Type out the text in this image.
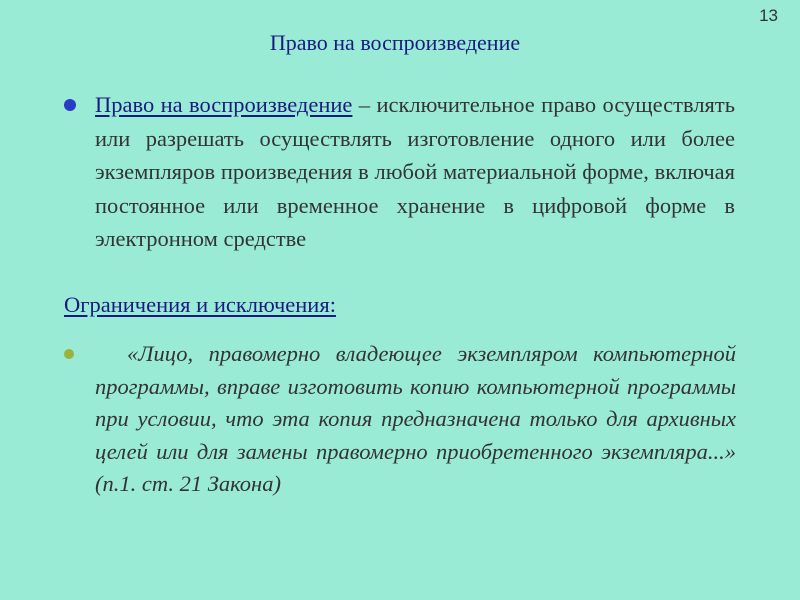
13
Право на воспроизведение
Право на воспроизведение – исключительное право осуществлять или разрешать осуществлять изготовление одного или более экземпляров произведения в любой материальной форме, включая постоянное или временное хранение в цифровой форме в электронном средстве
Ограничения и исключения:
«Лицо, правомерно владеющее экземпляром компьютерной программы, вправе изготовить копию компьютерной программы при условии, что эта копия предназначена только для архивных целей или для замены правомерно приобретенного экземпляра...» (п.1. ст. 21 Закона)
